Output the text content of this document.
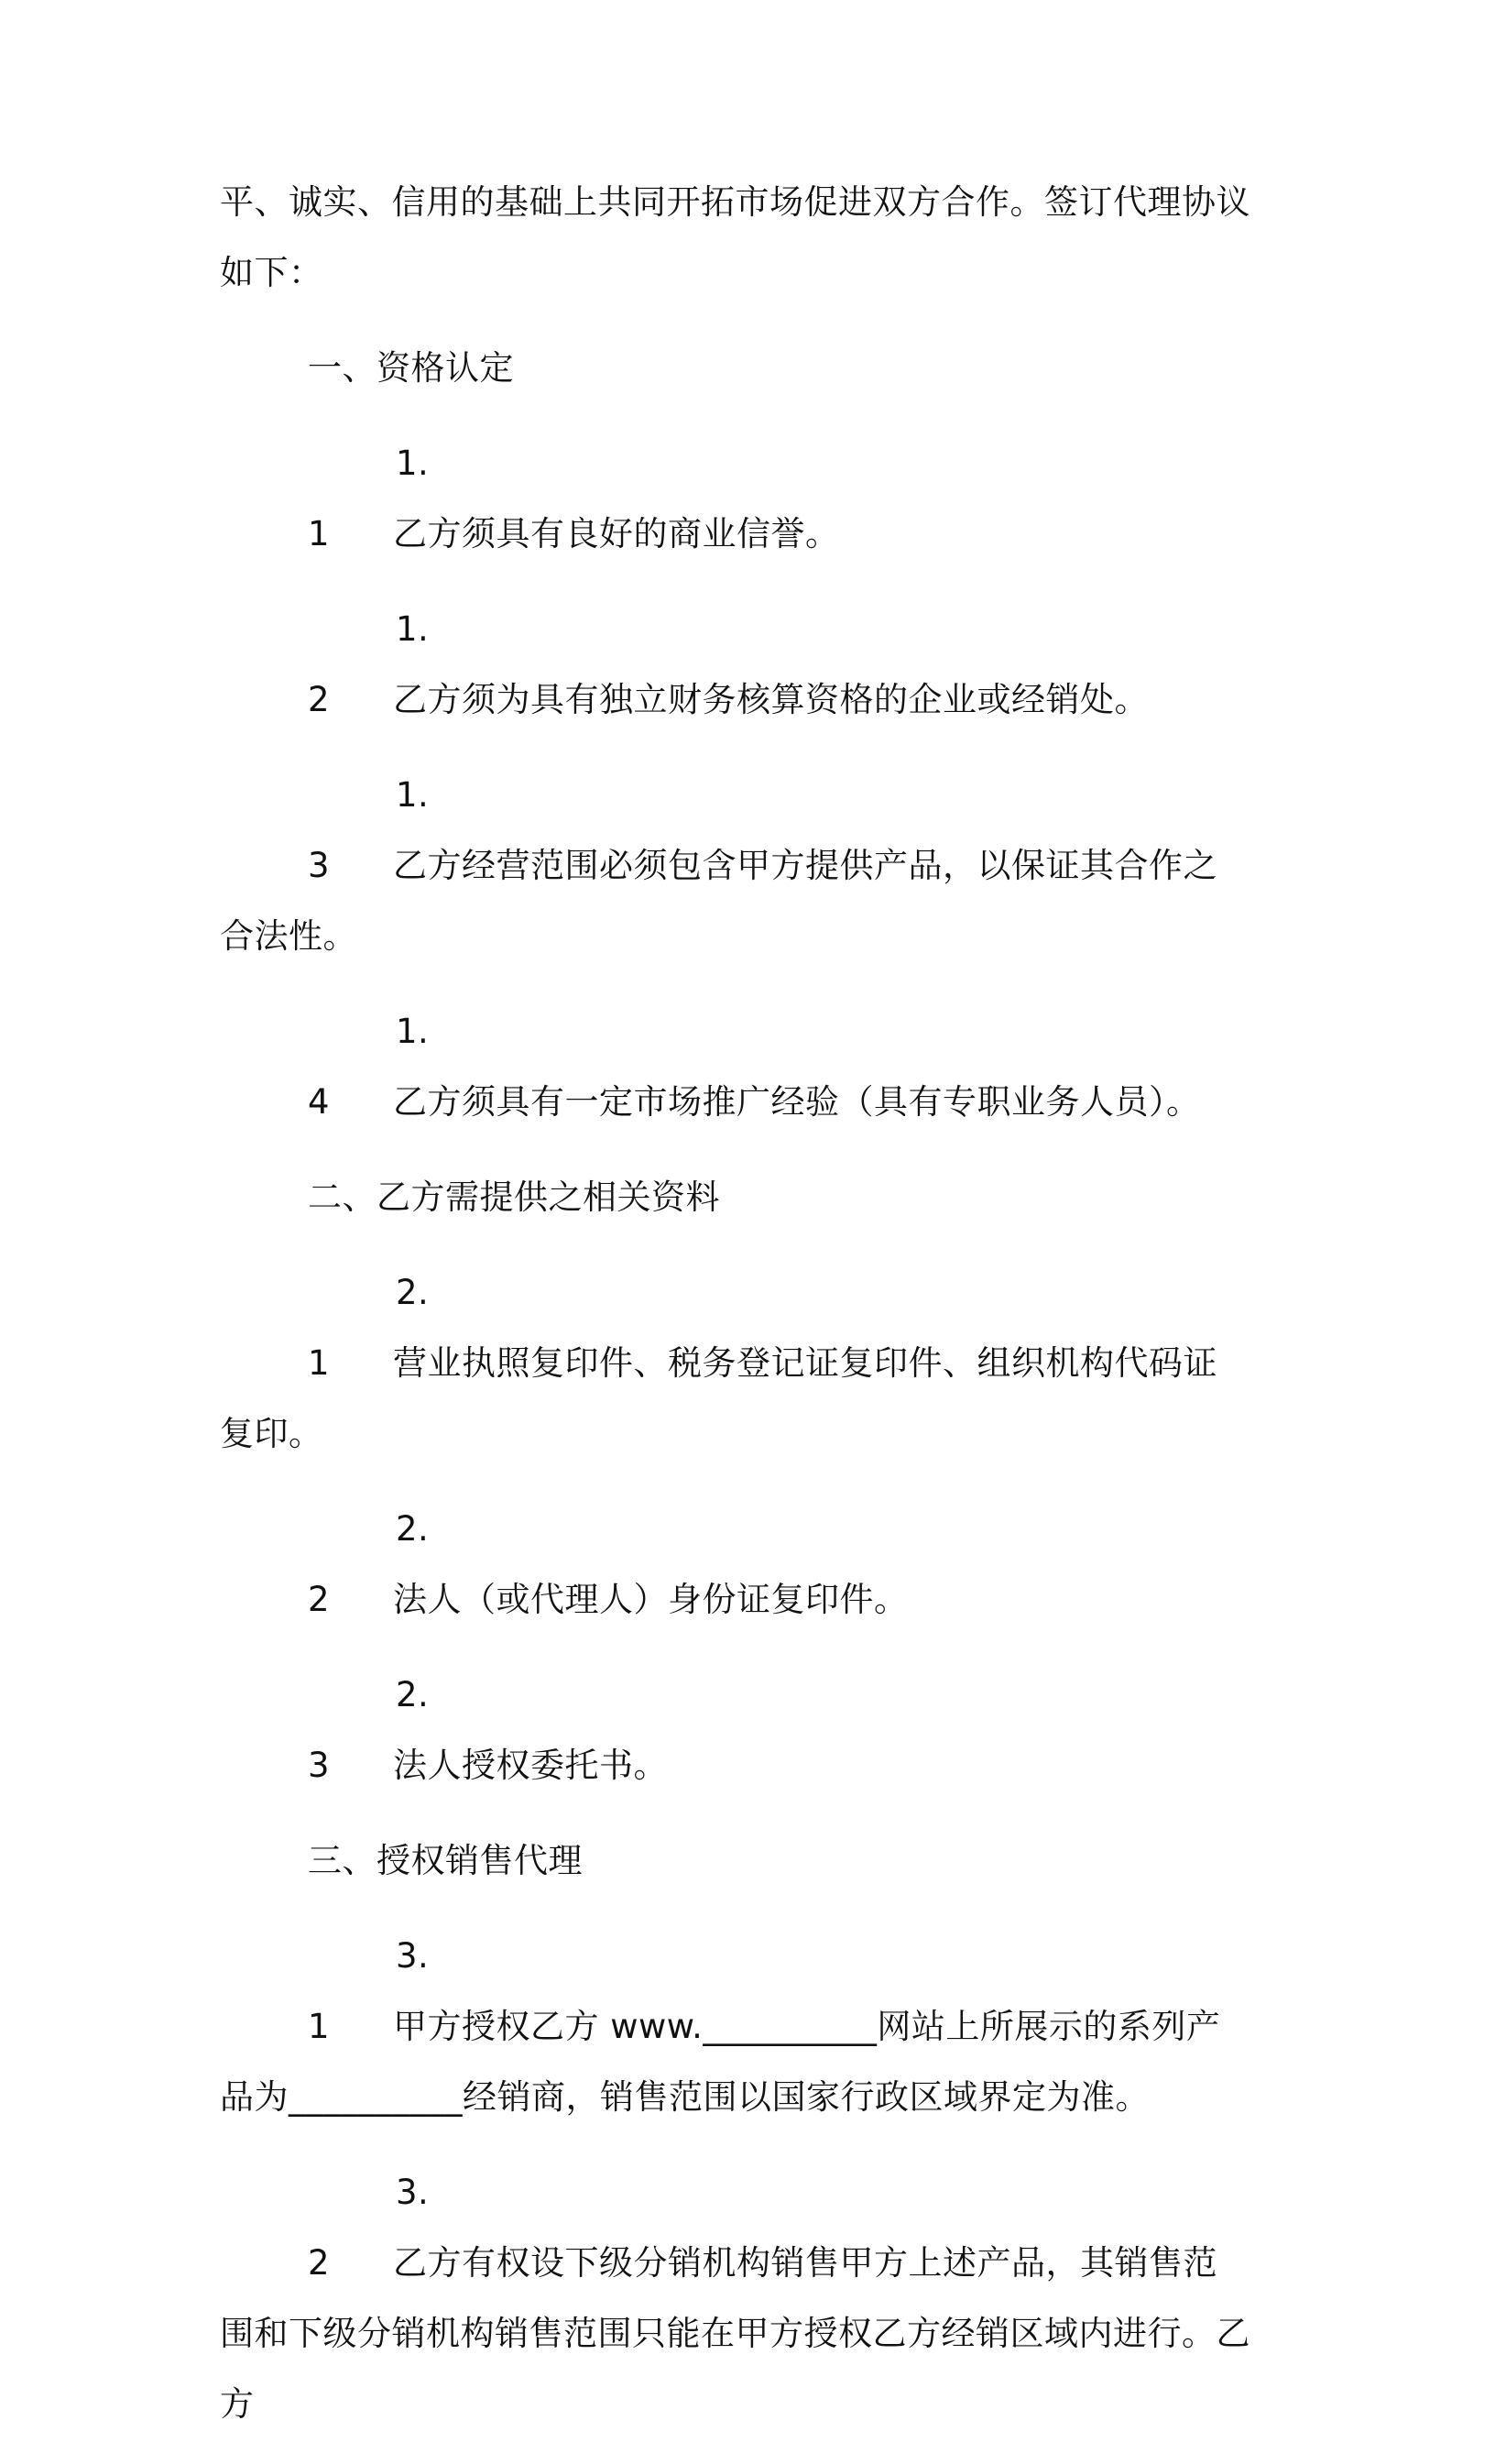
平、诚实、信用的基础上共同开拓市场促进双方合作。签订代理协议如下：

一、资格认定

1.1 乙方须具有良好的商业信誉。

1.2 乙方须为具有独立财务核算资格的企业或经销处。

1.3 乙方经营范围必须包含甲方提供产品，以保证其合作之合法性。

1.4 乙方须具有一定市场推广经验（具有专职业务人员）。

二、乙方需提供之相关资料

2.1 营业执照复印件、税务登记证复印件、组织机构代码证复印。

2.2 法人（或代理人）身份证复印件。

2.3 法人授权委托书。

三、授权销售代理

3.1 甲方授权乙方 www.__________网站上所展示的系列产品为__________经销商，销售范围以国家行政区域界定为准。

3.2 乙方有权设下级分销机构销售甲方上述产品，其销售范围和下级分销机构销售范围只能在甲方授权乙方经销区域内进行。乙方
